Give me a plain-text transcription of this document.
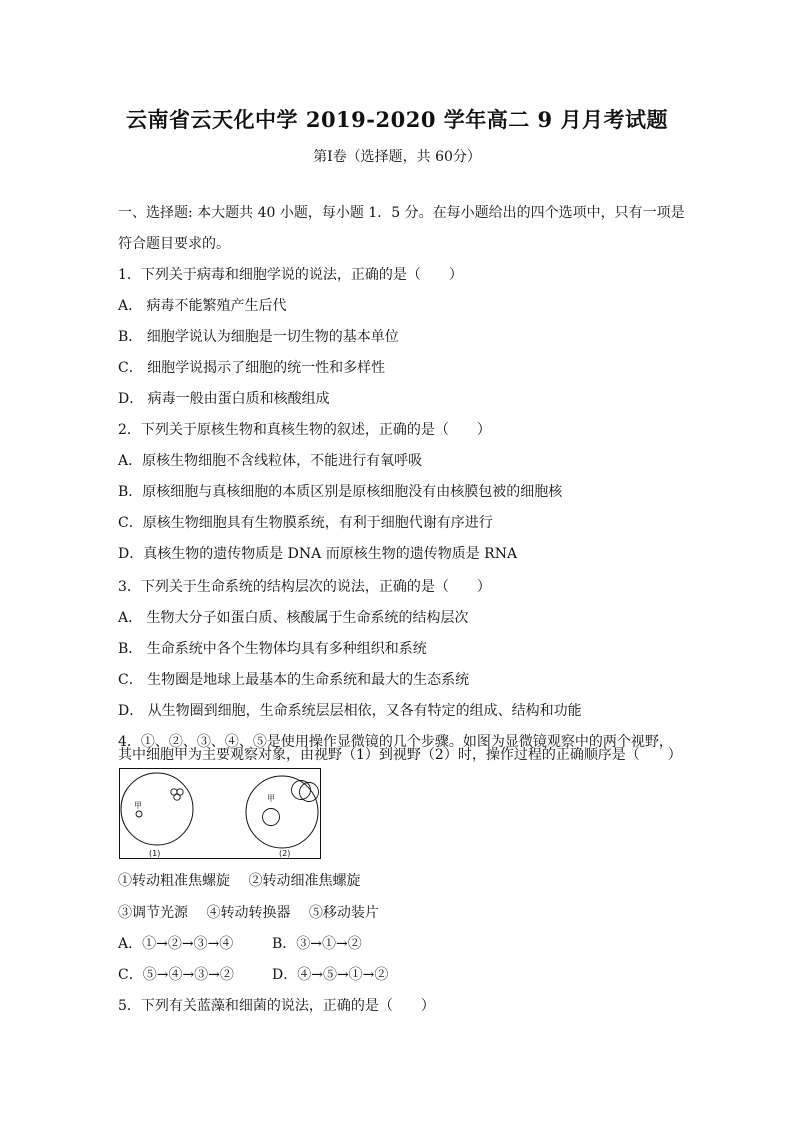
云南省云天化中学 2019-2020 学年高二 9 月月考试题
第Ⅰ卷（选择题，共 60分）
一、选择题: 本大题共 40 小题，每小题 1．5 分。在每小题给出的四个选项中，只有一项是
符合题目要求的。
1．下列关于病毒和细胞学说的说法，正确的是（　　）
A． 病毒不能繁殖产生后代
B． 细胞学说认为细胞是一切生物的基本单位
C． 细胞学说揭示了细胞的统一性和多样性
D． 病毒一般由蛋白质和核酸组成
2．下列关于原核生物和真核生物的叙述，正确的是（　　）
A．原核生物细胞不含线粒体，不能进行有氧呼吸
B．原核细胞与真核细胞的本质区别是原核细胞没有由核膜包被的细胞核
C．原核生物细胞具有生物膜系统，有利于细胞代谢有序进行
D．真核生物的遗传物质是 DNA 而原核生物的遗传物质是 RNA
3．下列关于生命系统的结构层次的说法，正确的是（　　）
A． 生物大分子如蛋白质、核酸属于生命系统的结构层次
B． 生命系统中各个生物体均具有多种组织和系统
C． 生物圈是地球上最基本的生命系统和最大的生态系统
D． 从生物圈到细胞，生命系统层层相依，又各有特定的组成、结构和功能
4．①、②、③、④、⑤是使用操作显微镜的几个步骤。如图为显微镜观察中的两个视野，
其中细胞甲为主要观察对象，由视野（1）到视野（2）时，操作过程的正确顺序是（　　）
甲
(1)
甲
(2)
①转动粗准焦螺旋　 ②转动细准焦螺旋
③调节光源　 ④转动转换器　 ⑤移动装片
A．①→②→③→④	B．③→①→②
C．⑤→④→③→②	D．④→⑤→①→②
5．下列有关蓝藻和细菌的说法，正确的是（　　）
